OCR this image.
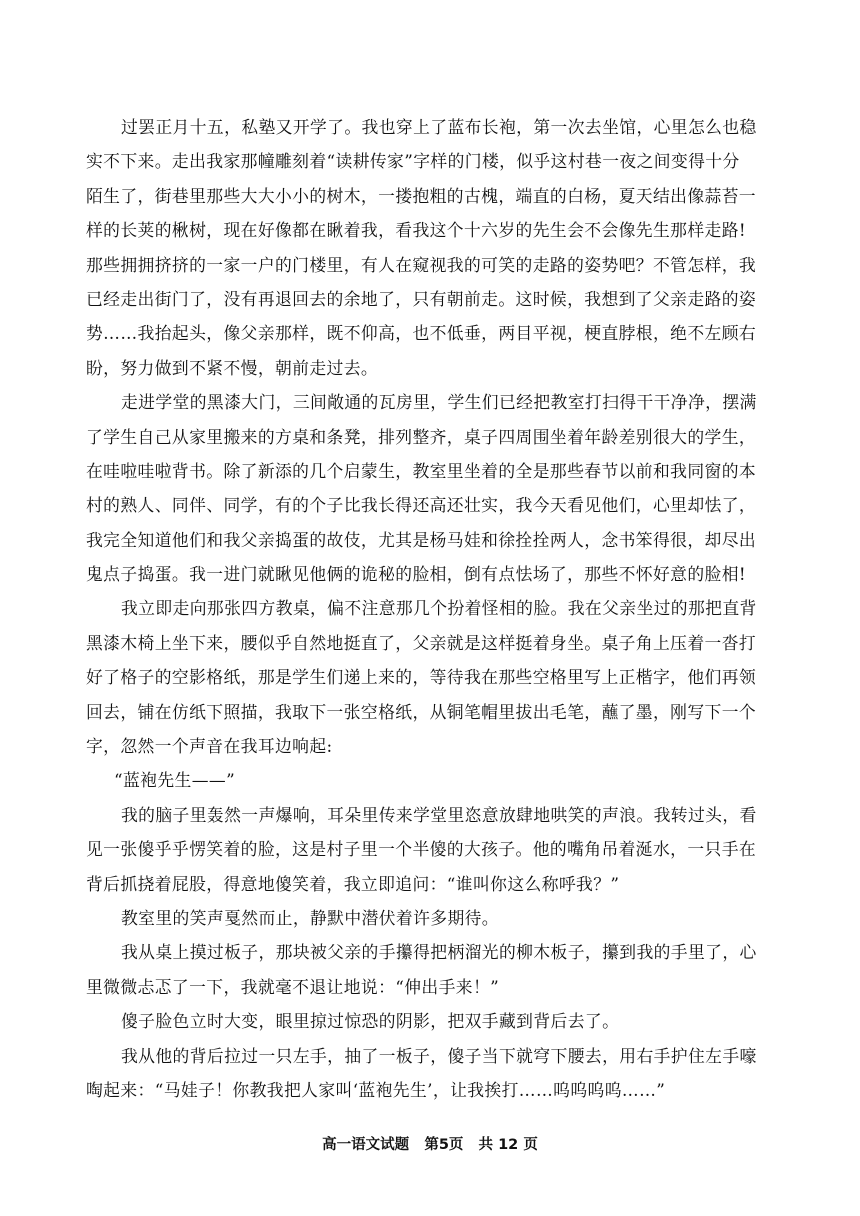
过罢正月十五，私塾又开学了。我也穿上了蓝布长袍，第一次去坐馆，心里怎么也稳
实不下来。走出我家那幢雕刻着“读耕传家”字样的门楼，似乎这村巷一夜之间变得十分
陌生了，街巷里那些大大小小的树木，一搂抱粗的古槐，端直的白杨，夏天结出像蒜苔一
样的长荚的楸树，现在好像都在瞅着我，看我这个十六岁的先生会不会像先生那样走路!
那些拥拥挤挤的一家一户的门楼里，有人在窥视我的可笑的走路的姿势吧？不管怎样，我
已经走出街门了，没有再退回去的余地了，只有朝前走。这时候，我想到了父亲走路的姿
势……我抬起头，像父亲那样，既不仰高，也不低垂，两目平视，梗直脖根，绝不左顾右
盼，努力做到不紧不慢，朝前走过去。
走进学堂的黑漆大门，三间敞通的瓦房里，学生们已经把教室打扫得干干净净，摆满
了学生自己从家里搬来的方桌和条凳，排列整齐，桌子四周围坐着年龄差别很大的学生，
在哇啦哇啦背书。除了新添的几个启蒙生，教室里坐着的全是那些春节以前和我同窗的本
村的熟人、同伴、同学，有的个子比我长得还高还壮实，我今天看见他们，心里却怯了，
我完全知道他们和我父亲捣蛋的故伎，尤其是杨马娃和徐拴拴两人，念书笨得很，却尽出
鬼点子捣蛋。我一进门就瞅见他俩的诡秘的脸相，倒有点怯场了，那些不怀好意的脸相!
我立即走向那张四方教桌，偏不注意那几个扮着怪相的脸。我在父亲坐过的那把直背
黑漆木椅上坐下来，腰似乎自然地挺直了，父亲就是这样挺着身坐。桌子角上压着一沓打
好了格子的空影格纸，那是学生们递上来的，等待我在那些空格里写上正楷字，他们再领
回去，铺在仿纸下照描，我取下一张空格纸，从铜笔帽里拔出毛笔，蘸了墨，刚写下一个
字，忽然一个声音在我耳边响起:
“蓝袍先生——”
我的脑子里轰然一声爆响，耳朵里传来学堂里恣意放肆地哄笑的声浪。我转过头，看
见一张傻乎乎愣笑着的脸，这是村子里一个半傻的大孩子。他的嘴角吊着涎水，一只手在
背后抓挠着屁股，得意地傻笑着，我立即追问：“谁叫你这么称呼我？”
教室里的笑声戛然而止，静默中潜伏着许多期待。
我从桌上摸过板子，那块被父亲的手攥得把柄溜光的柳木板子，攥到我的手里了，心
里微微忐忑了一下，我就毫不退让地说：“伸出手来！”
傻子脸色立时大变，眼里掠过惊恐的阴影，把双手藏到背后去了。
我从他的背后拉过一只左手，抽了一板子，傻子当下就穹下腰去，用右手护住左手嚎
啕起来：“马娃子！你教我把人家叫‘蓝袍先生’，让我挨打……呜呜呜呜……”
高一语文试题   第5页   共 12 页
